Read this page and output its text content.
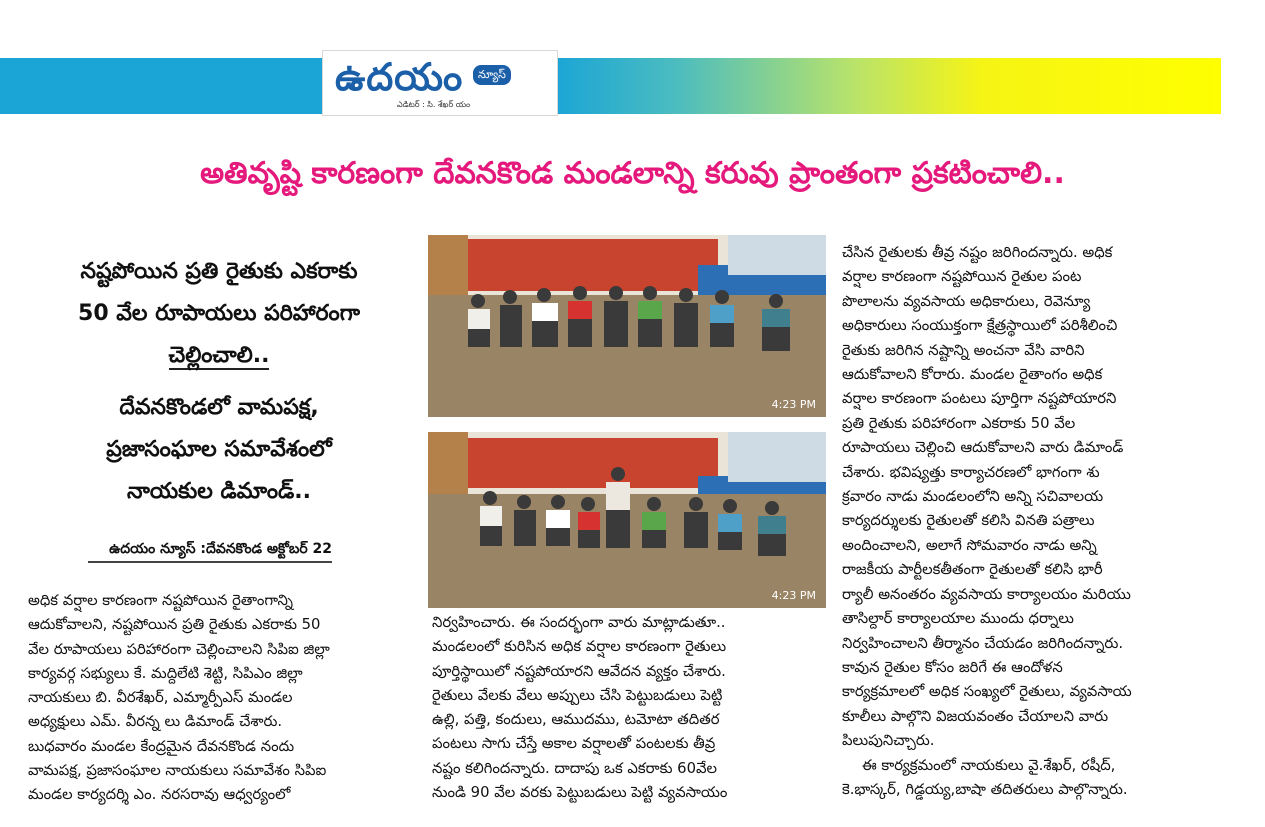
ఉదయం	న్యూస్
ఎడిటర్ : సి. శేఖర్ యం
అతివృష్టి కారణంగా దేవనకొండ మండలాన్ని కరువు ప్రాంతంగా ప్రకటించాలి..
నష్టపోయిన ప్రతి రైతుకు ఎకరాకు
50 వేల రూపాయలు పరిహారంగా
చెల్లించాలి..
దేవనకొండలో వామపక్ష,
ప్రజాసంఘాల సమావేశంలో
నాయకుల డిమాండ్..
ఉదయం న్యూస్ :దేవనకొండ అక్టోబర్ 22
4:23 PM
4:23 PM
అధిక వర్షాల కారణంగా నష్టపోయిన రైతాంగాన్ని
ఆదుకోవాలని, నష్టపోయిన ప్రతి రైతుకు ఎకరాకు 50
వేల రూపాయలు పరిహారంగా చెల్లించాలని సిపిఐ జిల్లా
కార్యవర్గ సభ్యులు కే. మద్దిలేటి శెట్టి, సిపిఎం జిల్లా
నాయకులు బి. వీరశేఖర్, ఎమ్మార్పీఎస్ మండల
అధ్యక్షులు ఎమ్. వీరన్న లు డిమాండ్ చేశారు.
బుధవారం మండల కేంద్రమైన దేవనకొండ నందు
వామపక్ష, ప్రజాసంఘాల నాయకులు సమావేశం సిపిఐ
మండల కార్యదర్శి ఎం. నరసరావు ఆధ్వర్యంలో
నిర్వహించారు. ఈ సందర్భంగా వారు మాట్లాడుతూ..
మండలంలో కురిసిన అధిక వర్షాల కారణంగా రైతులు
పూర్తిస్థాయిలో నష్టపోయారని ఆవేదన వ్యక్తం చేశారు.
రైతులు వేలకు వేలు అప్పులు చేసి పెట్టుబడులు పెట్టి
ఉల్లి, పత్తి, కందులు, ఆముదము, టమోటా తదితర
పంటలు సాగు చేస్తే అకాల వర్షాలతో పంటలకు తీవ్ర
నష్టం కలిగిందన్నారు. దాదాపు ఒక ఎకరాకు 60వేల
నుండి 90 వేల వరకు పెట్టుబడులు పెట్టి వ్యవసాయం
చేసిన రైతులకు తీవ్ర నష్టం జరిగిందన్నారు. అధిక
వర్షాల కారణంగా నష్టపోయిన రైతుల పంట
పొలాలను వ్యవసాయ అధికారులు, రెవెన్యూ
అధికారులు సంయుక్తంగా క్షేత్రస్థాయిలో పరిశీలించి
రైతుకు జరిగిన నష్టాన్ని అంచనా వేసి వారిని
ఆదుకోవాలని కోరారు. మండల రైతాంగం అధిక
వర్షాల కారణంగా పంటలు పూర్తిగా నష్టపోయారని
ప్రతి రైతుకు పరిహారంగా ఎకరాకు 50 వేల
రూపాయలు చెల్లించి ఆదుకోవాలని వారు డిమాండ్
చేశారు. భవిష్యత్తు కార్యాచరణలో భాగంగా శు
క్రవారం నాడు మండలంలోని అన్ని సచివాలయ
కార్యదర్శులకు రైతులతో కలిసి వినతి పత్రాలు
అందించాలని, అలాగే సోమవారం నాడు అన్ని
రాజకీయ పార్టీలకతీతంగా రైతులతో కలిసి భారీ
ర్యాలీ అనంతరం వ్యవసాయ కార్యాలయం మరియు
తాసిల్దార్ కార్యాలయాల ముందు ధర్నాలు
నిర్వహించాలని తీర్మానం చేయడం జరిగిందన్నారు.
కావున రైతుల కోసం జరిగే ఈ ఆందోళన
కార్యక్రమాలలో అధిక సంఖ్యలో రైతులు, వ్యవసాయ
కూలీలు పాల్గొని విజయవంతం చేయాలని వారు
పిలుపునిచ్చారు.
ఈ కార్యక్రమంలో నాయకులు వై.శేఖర్, రషీద్,
కె.భాస్కర్, గిడ్డయ్య,బాషా తదితరులు పాల్గొన్నారు.
